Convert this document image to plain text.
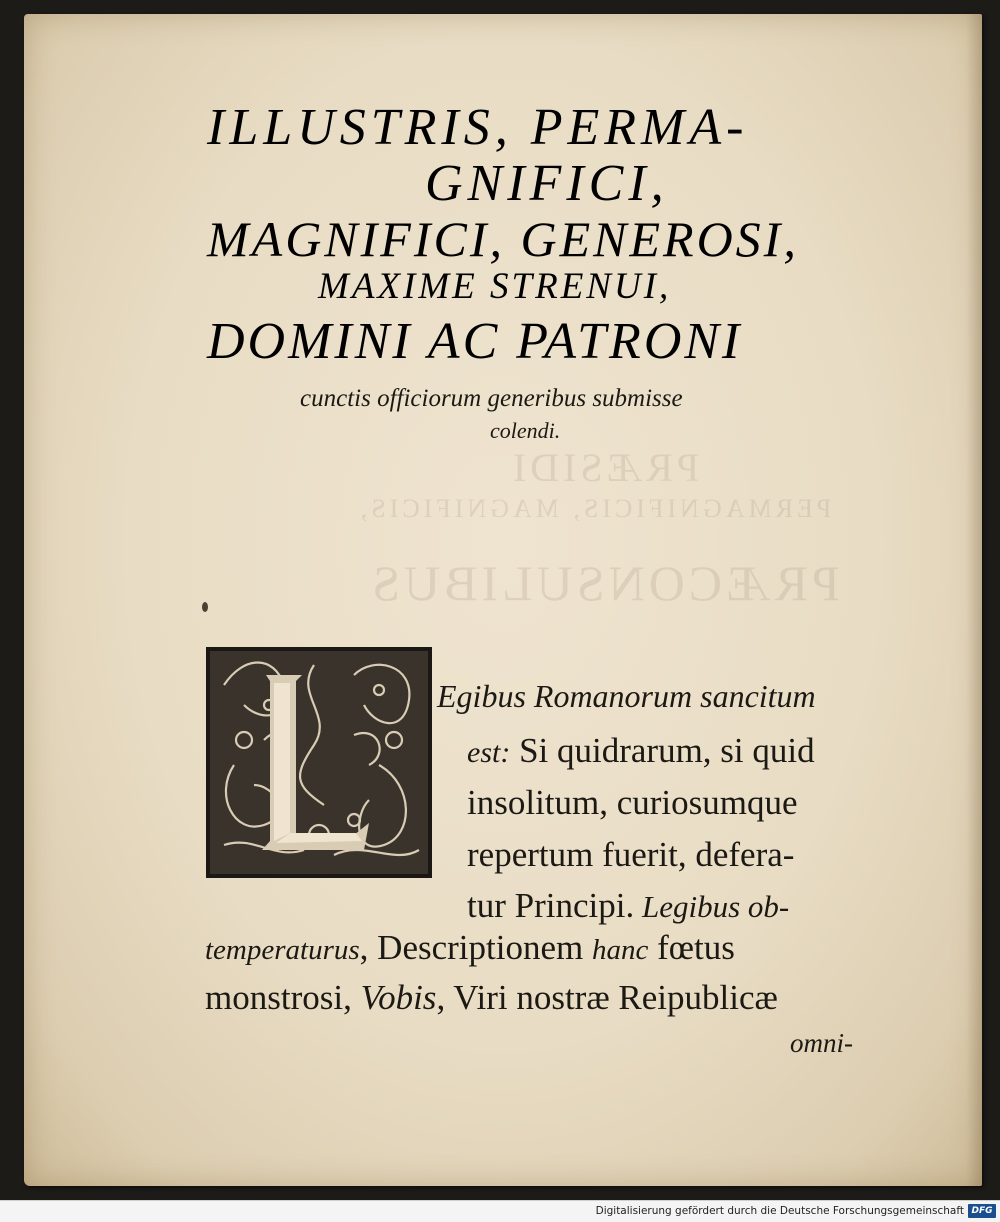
PRÆSIDI
PERMAGNIFICIS, MAGNIFICIS,
PRÆCONSULIBUS
ILLUSTRIS, PERMA-
GNIFICI,
MAGNIFICI, GENEROSI,
MAXIME STRENUI,
DOMINI AC PATRONI
cunctis officiorum generibus submisse
colendi.
Egibus Romanorum sancitum
est: Si quidrarum, si quid
insolitum, curiosumque
repertum fuerit, defera-
tur Principi. Legibus ob-
temperaturus, Descriptionem hanc fœtus
monstrosi, Vobis, Viri nostræ Reipublicæ
omni-
Digitalisierung gefördert durch die Deutsche Forschungsgemeinschaft DFG
